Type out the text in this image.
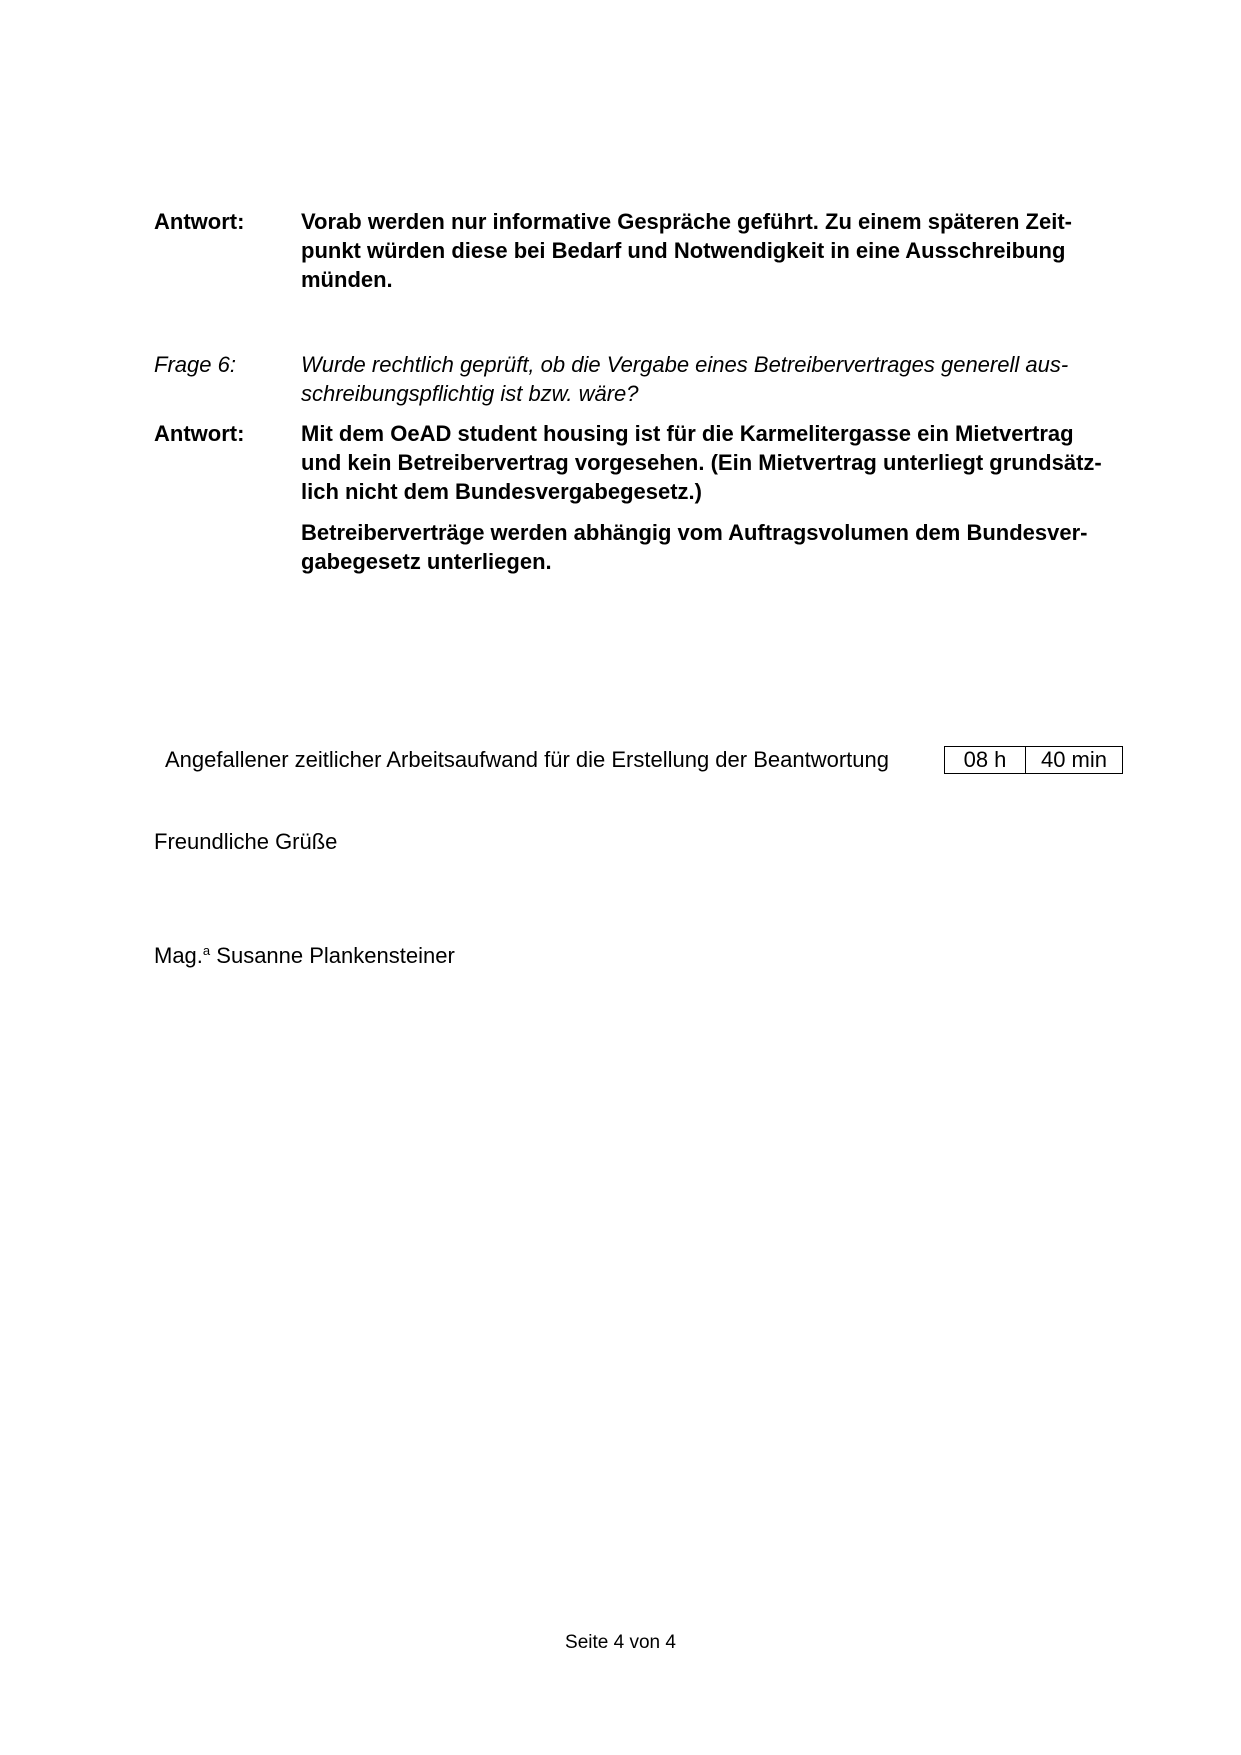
Antwort:	Vorab werden nur informative Gespräche geführt. Zu einem späteren Zeit-
punkt würden diese bei Bedarf und Notwendigkeit in eine Ausschreibung
münden.
Frage 6:	Wurde rechtlich geprüft, ob die Vergabe eines Betreibervertrages generell aus-
schreibungspflichtig ist bzw. wäre?
Antwort:	Mit dem OeAD student housing ist für die Karmelitergasse ein Mietvertrag
und kein Betreibervertrag vorgesehen. (Ein Mietvertrag unterliegt grundsätz-
lich nicht dem Bundesvergabegesetz.)
Betreiberverträge werden abhängig vom Auftragsvolumen dem Bundesver-
gabegesetz unterliegen.
Angefallener zeitlicher Arbeitsaufwand für die Erstellung der Beantwortung	08 h	40 min
Freundliche Grüße
Mag.$^a$ Susanne Plankensteiner
Seite 4 von 4
